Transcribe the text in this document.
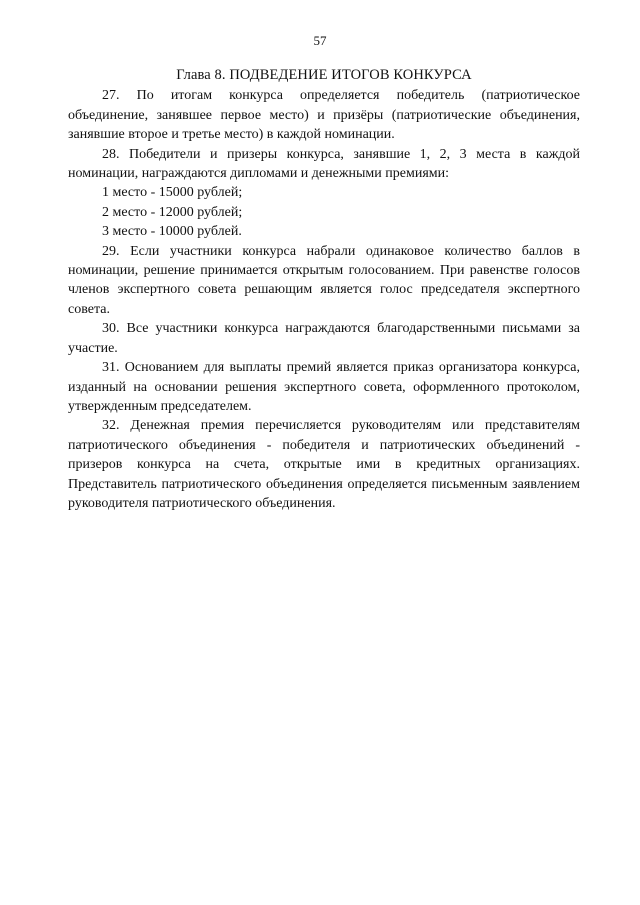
57

Глава 8. ПОДВЕДЕНИЕ ИТОГОВ КОНКУРСА

27. По итогам конкурса определяется победитель (патриотическое объединение, занявшее первое место) и призёры (патриотические объединения, занявшие второе и третье место) в каждой номинации.

28. Победители и призеры конкурса, занявшие 1, 2, 3 места в каждой номинации, награждаются дипломами и денежными премиями:

1 место - 15000 рублей;

2 место - 12000 рублей;

3 место - 10000 рублей.

29. Если участники конкурса набрали одинаковое количество баллов в номинации, решение принимается открытым голосованием. При равенстве голосов членов экспертного совета решающим является голос председателя экспертного совета.

30. Все участники конкурса награждаются благодарственными письмами за участие.

31. Основанием для выплаты премий является приказ организатора конкурса, изданный на основании решения экспертного совета, оформленного протоколом, утвержденным председателем.

32. Денежная премия перечисляется руководителям или представителям патриотического объединения - победителя и патриотических объединений - призеров конкурса на счета, открытые ими в кредитных организациях. Представитель патриотического объединения определяется письменным заявлением руководителя патриотического объединения.
